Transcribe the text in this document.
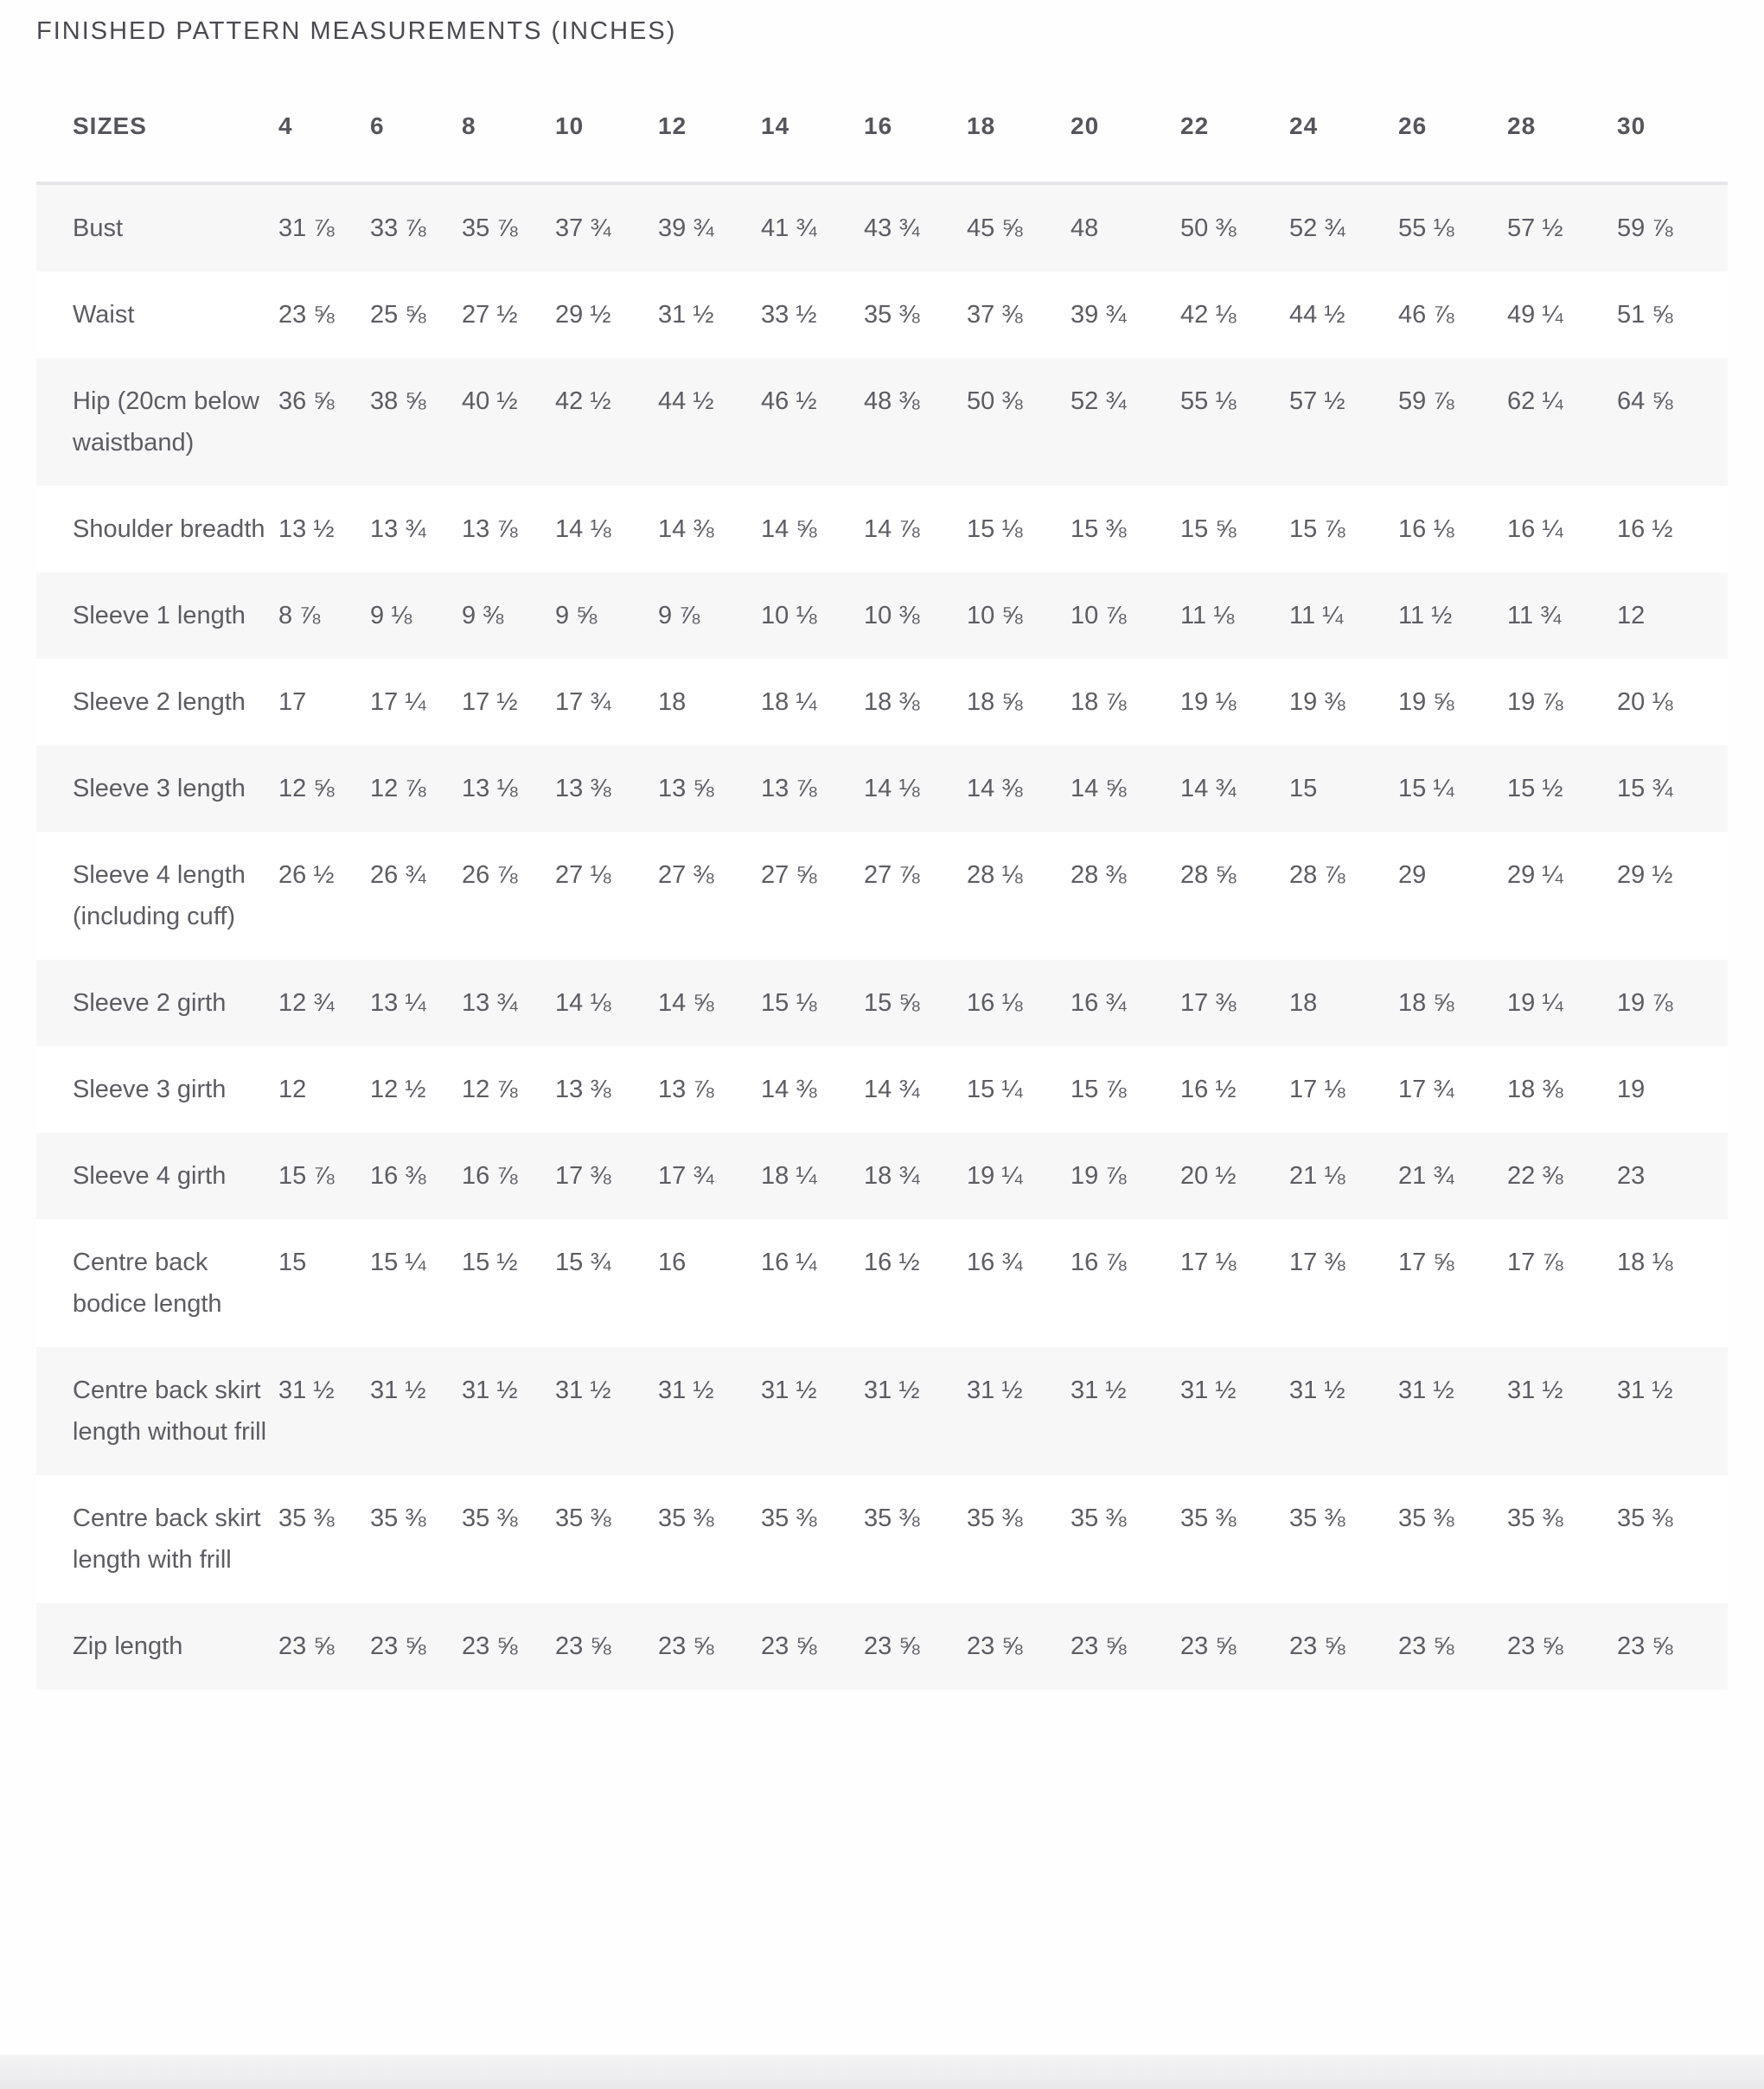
FINISHED PATTERN MEASUREMENTS (INCHES)
SIZES	4	6	8	10	12	14	16	18	20	22	24	26	28	30

Bust	31 ⅞	33 ⅞	35 ⅞	37 ¾	39 ¾	41 ¾	43 ¾	45 ⅝	48	50 ⅜	52 ¾	55 ⅛	57 ½	59 ⅞

Waist	23 ⅝	25 ⅝	27 ½	29 ½	31 ½	33 ½	35 ⅜	37 ⅜	39 ¾	42 ⅛	44 ½	46 ⅞	49 ¼	51 ⅝

Hip (20cm below waistband)	36 ⅝	38 ⅝	40 ½	42 ½	44 ½	46 ½	48 ⅜	50 ⅜	52 ¾	55 ⅛	57 ½	59 ⅞	62 ¼	64 ⅝

Shoulder breadth	13 ½	13 ¾	13 ⅞	14 ⅛	14 ⅜	14 ⅝	14 ⅞	15 ⅛	15 ⅜	15 ⅝	15 ⅞	16 ⅛	16 ¼	16 ½

Sleeve 1 length	8 ⅞	9 ⅛	9 ⅜	9 ⅝	9 ⅞	10 ⅛	10 ⅜	10 ⅝	10 ⅞	11 ⅛	11 ¼	11 ½	11 ¾	12

Sleeve 2 length	17	17 ¼	17 ½	17 ¾	18	18 ¼	18 ⅜	18 ⅝	18 ⅞	19 ⅛	19 ⅜	19 ⅝	19 ⅞	20 ⅛

Sleeve 3 length	12 ⅝	12 ⅞	13 ⅛	13 ⅜	13 ⅝	13 ⅞	14 ⅛	14 ⅜	14 ⅝	14 ¾	15	15 ¼	15 ½	15 ¾

Sleeve 4 length (including cuff)	26 ½	26 ¾	26 ⅞	27 ⅛	27 ⅜	27 ⅝	27 ⅞	28 ⅛	28 ⅜	28 ⅝	28 ⅞	29	29 ¼	29 ½

Sleeve 2 girth	12 ¾	13 ¼	13 ¾	14 ⅛	14 ⅝	15 ⅛	15 ⅝	16 ⅛	16 ¾	17 ⅜	18	18 ⅝	19 ¼	19 ⅞

Sleeve 3 girth	12	12 ½	12 ⅞	13 ⅜	13 ⅞	14 ⅜	14 ¾	15 ¼	15 ⅞	16 ½	17 ⅛	17 ¾	18 ⅜	19

Sleeve 4 girth	15 ⅞	16 ⅜	16 ⅞	17 ⅜	17 ¾	18 ¼	18 ¾	19 ¼	19 ⅞	20 ½	21 ⅛	21 ¾	22 ⅜	23

Centre back bodice length	15	15 ¼	15 ½	15 ¾	16	16 ¼	16 ½	16 ¾	16 ⅞	17 ⅛	17 ⅜	17 ⅝	17 ⅞	18 ⅛

Centre back skirt length without frill	31 ½	31 ½	31 ½	31 ½	31 ½	31 ½	31 ½	31 ½	31 ½	31 ½	31 ½	31 ½	31 ½	31 ½

Centre back skirt length with frill	35 ⅜	35 ⅜	35 ⅜	35 ⅜	35 ⅜	35 ⅜	35 ⅜	35 ⅜	35 ⅜	35 ⅜	35 ⅜	35 ⅜	35 ⅜	35 ⅜

Zip length	23 ⅝	23 ⅝	23 ⅝	23 ⅝	23 ⅝	23 ⅝	23 ⅝	23 ⅝	23 ⅝	23 ⅝	23 ⅝	23 ⅝	23 ⅝	23 ⅝
